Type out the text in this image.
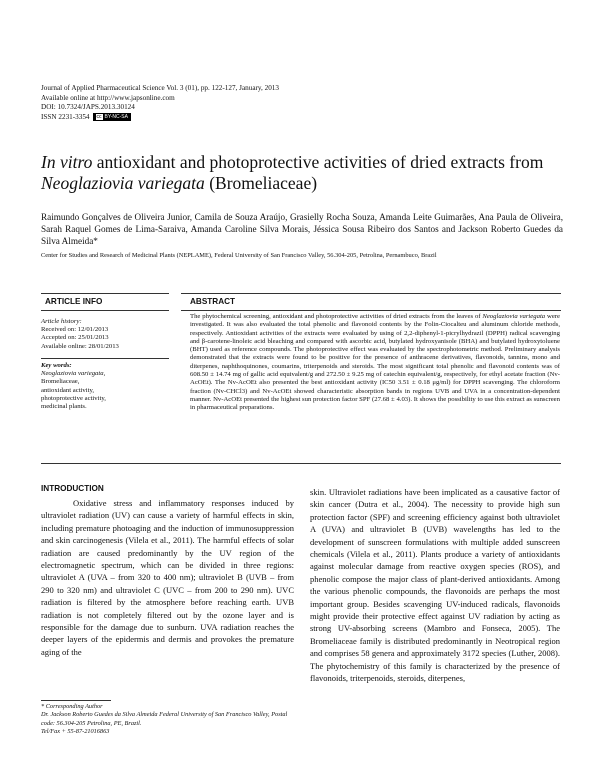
Journal of Applied Pharmaceutical Science Vol. 3 (01), pp. 122-127, January, 2013
Available online at http://www.japsonline.com
DOI: 10.7324/JAPS.2013.30124
ISSN 2231-3354 cc BY-NC-SA
In vitro antioxidant and photoprotective activities of dried extracts from Neoglaziovia variegata (Bromeliaceae)
Raimundo Gonçalves de Oliveira Junior, Camila de Souza Araújo, Grasielly Rocha Souza, Amanda Leite Guimarães, Ana Paula de Oliveira, Sarah Raquel Gomes de Lima-Saraiva, Amanda Caroline Silva Morais, Jéssica Sousa Ribeiro dos Santos and Jackson Roberto Guedes da Silva Almeida*
Center for Studies and Research of Medicinal Plants (NEPLAME), Federal University of San Francisco Valley, 56.304-205, Petrolina, Pernambuco, Brazil
ARTICLE INFO
Article history:
Received on: 12/01/2013
Accepted on: 25/01/2013
Available online: 28/01/2013
Key words:
Neoglaziovia variegata,
Bromeliaceae,
antioxidant activity,
photoprotective activity,
medicinal plants.
ABSTRACT
The phytochemical screening, antioxidant and photoprotective activities of dried extracts from the leaves of Neoglaziovia variegata were investigated. It was also evaluated the total phenolic and flavonoid contents by the Folin-Ciocalteu and aluminum chloride methods, respectively. Antioxidant activities of the extracts were evaluated by using of 2,2-diphenyl-1-picrylhydrazil (DPPH) radical scavenging and β-carotene-linoleic acid bleaching and compared with ascorbic acid, butylated hydroxyanisole (BHA) and butylated hydroxytoluene (BHT) used as reference compounds. The photoprotective effect was evaluated by the spectrophotometric method. Preliminary analysis demonstrated that the extracts were found to be positive for the presence of anthracene derivatives, flavonoids, tannins, mono and diterpenes, naphthoquinones, coumarins, triterpenoids and steroids. The most significant total phenolic and flavonoid contents was of 608.50 ± 14.74 mg of gallic acid equivalent/g and 272.50 ± 9.25 mg of catechin equivalent/g, respectively, for ethyl acetate fraction (Nv-AcOEt). The Nv-AcOEt also presented the best antioxidant activity (IC50 3.51 ± 0.18 μg/ml) for DPPH scavenging. The chloroform fraction (Nv-CHCl3) and Nv-AcOEt showed characteristic absorption bands in regions UVB and UVA in a concentration-dependent manner. Nv-AcOEt presented the highest sun protection factor SPF (27.68 ± 4.03). It shows the possibility to use this extract as sunscreen in pharmaceutical preparations.
INTRODUCTION
Oxidative stress and inflammatory responses induced by ultraviolet radiation (UV) can cause a variety of harmful effects in skin, including premature photoaging and the induction of immunosuppression and skin carcinogenesis (Vilela et al., 2011). The harmful effects of solar radiation are caused predominantly by the UV region of the electromagnetic spectrum, which can be divided in three regions: ultraviolet A (UVA – from 320 to 400 nm); ultraviolet B (UVB – from 290 to 320 nm) and ultraviolet C (UVC – from 200 to 290 nm). UVC radiation is filtered by the atmosphere before reaching earth. UVB radiation is not completely filtered out by the ozone layer and is responsible for the damage due to sunburn. UVA radiation reaches the deeper layers of the epidermis and dermis and provokes the premature aging of the
skin. Ultraviolet radiations have been implicated as a causative factor of skin cancer (Dutra et al., 2004). The necessity to provide high sun protection factor (SPF) and screening efficiency against both ultraviolet A (UVA) and ultraviolet B (UVB) wavelengths has led to the development of sunscreen formulations with multiple added sunscreen chemicals (Vilela et al., 2011). Plants produce a variety of antioxidants against molecular damage from reactive oxygen species (ROS), and phenolic compose the major class of plant-derived antioxidants. Among the various phenolic compounds, the flavonoids are perhaps the most important group. Besides scavenging UV-induced radicals, flavonoids might provide their protective effect against UV radiation by acting as strong UV-absorbing screens (Mambro and Fonseca, 2005). The Bromeliaceae family is distributed predominantly in Neotropical region and comprises 58 genera and approximately 3172 species (Luther, 2008). The phytochemistry of this family is characterized by the presence of flavonoids, triterpenoids, steroids, diterpenes,
* Corresponding Author
Dr. Jackson Roberto Guedes da Silva Almeida Federal University of San Francisco Valley, Postal code: 56.304-205 Petrolina, PE, Brazil.
Tel/Fax + 55-87-21016863
